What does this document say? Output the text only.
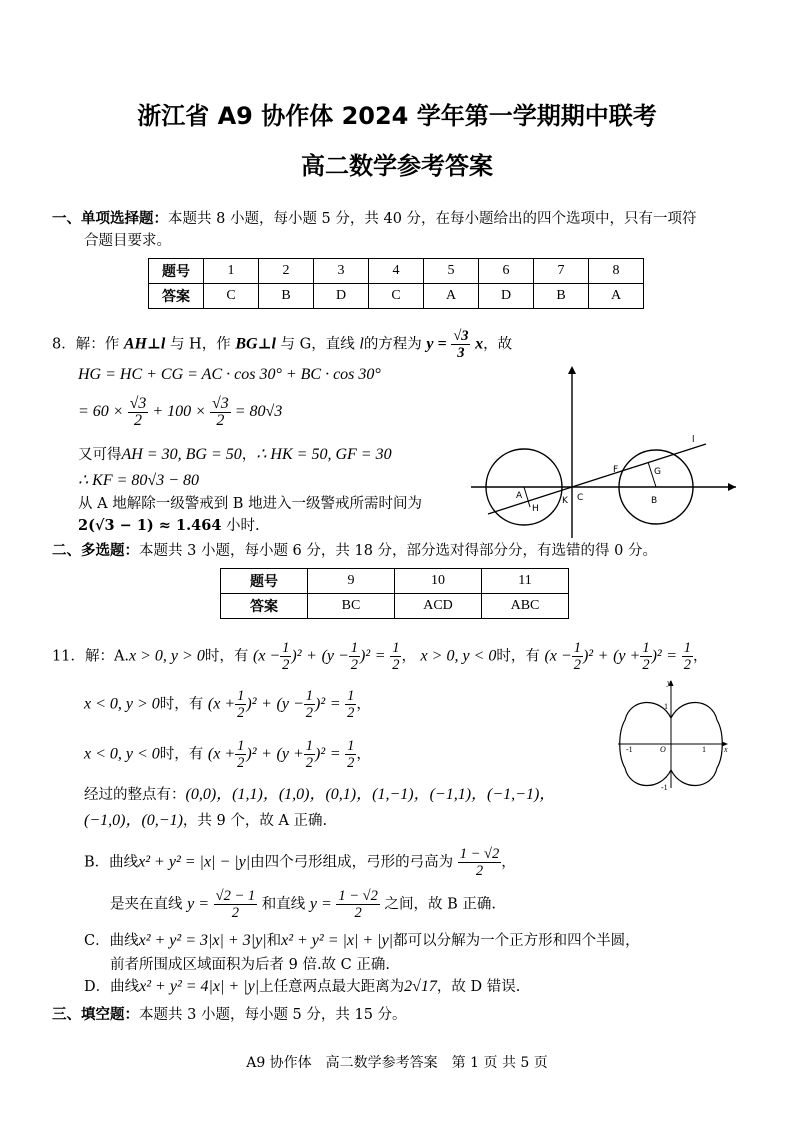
浙江省 A9 协作体 2024 学年第一学期期中联考
高二数学参考答案
一、单项选择题：本题共 8 小题，每小题 5 分，共 40 分，在每小题给出的四个选项中，只有一项符
合题目要求。
题号	1	2	3	4	5	6	7	8
答案	C	B	D	C	A	D	B	A
8．解：作 AH⊥l 与 H，作 BG⊥l 与 G，直线 l的方程为 $y = \frac{√3}{3}$ x，故
HG = HC + CG = AC · cos 30° + BC · cos 30°
= $60 \times \frac{√3}{2} + 100 \times \frac{√3}{2} = 80√3$
又可得AH = 30, BG = 50，∴ HK = 50, GF = 30
∴ KF = 80√3 − 80
从 A 地解除一级警戒到 B 地进入一级警戒所需时间为
2(√3 − 1) ≈ 1.464 小时.
l
F	G
A
H
K C	B
二、多选题：本题共 3 小题，每小题 6 分，共 18 分，部分选对得部分分，有选错的得 0 分。
题号	9	10	11
答案	BC	ACD	ABC
11．解：A.x > 0, y > 0时，有 $(x - \frac{1}{2} )^2 + (y - \frac{1}{2} )^2 = \frac{1}{2}$ ， x > 0, y < 0时，有 $(x - \frac{1}{2} )^2 + (y + \frac{1}{2} )^2 = \frac{1}{2}$ ，
x < 0, y > 0时，有 $(x + \frac{1}{2} )^2 + (y - \frac{1}{2} )^2 = \frac{1}{2}$ ，
x < 0, y < 0时，有 $(x + \frac{1}{2} )^2 + (y + \frac{1}{2} )^2 = \frac{1}{2}$ ，
经过的整点有：(0,0)，(1,1)，(1,0)，(0,1)，(1,−1)，(−1,1)，(−1,−1)，
(−1,0)，(0,−1)，共 9 个，故 A 正确.
B．曲线x² + y² = |x| − |y|由四个弓形组成，弓形的弓高为 $\frac{1 - √2}{2}$ ，
是夹在直线 $y = \frac{√2 - 1}{2}$ 和直线 $y = \frac{1 - √2}{2}$ 之间，故 B 正确.
C．曲线x² + y² = 3|x| + 3|y|和x² + y² = |x| + |y|都可以分解为一个正方形和四个半圆，
前者所围成区域面积为后者 9 倍.故 C 正确.
D．曲线x² + y² = 4|x| + |y|上任意两点最大距离为2√17，故 D 错误.
y
1
-1	O	1 x
-1
三、填空题：本题共 3 小题，每小题 5 分，共 15 分。
A9 协作体　高二数学参考答案　第 1 页 共 5 页
